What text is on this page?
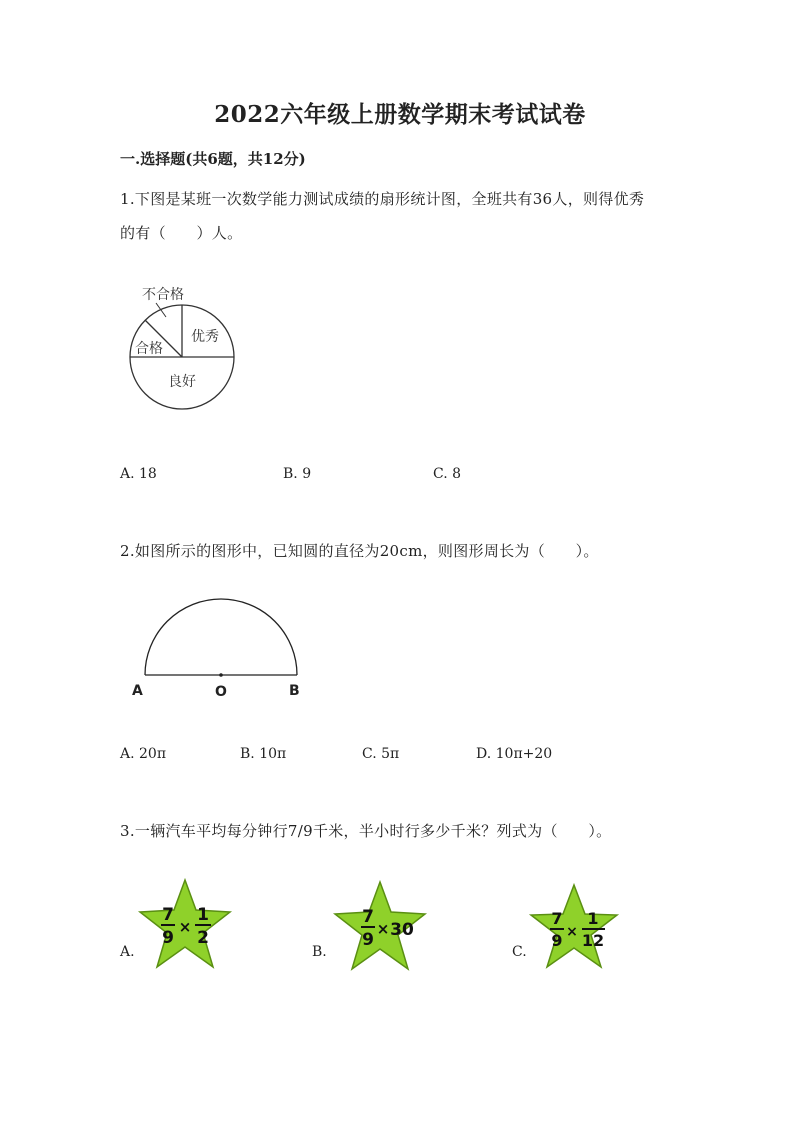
2022六年级上册数学期末考试试卷
一.选择题(共6题，共12分)
1.下图是某班一次数学能力测试成绩的扇形统计图，全班共有36人，则得优秀
的有（　　）人。
不合格
合格
优秀
良好
A. 18	B. 9	C. 8
2.如图所示的图形中，已知圆的直径为20cm，则图形周长为（　　）。
A	O	B
A. 20π	B. 10π	C. 5π	D. 10π+20
3.一辆汽车平均每分钟行7/9千米，半小时行多少千米？列式为（　　）。
A.
7
9
×
1
2
B.
7
9
× 30
C.
7
9 ×
1
12
